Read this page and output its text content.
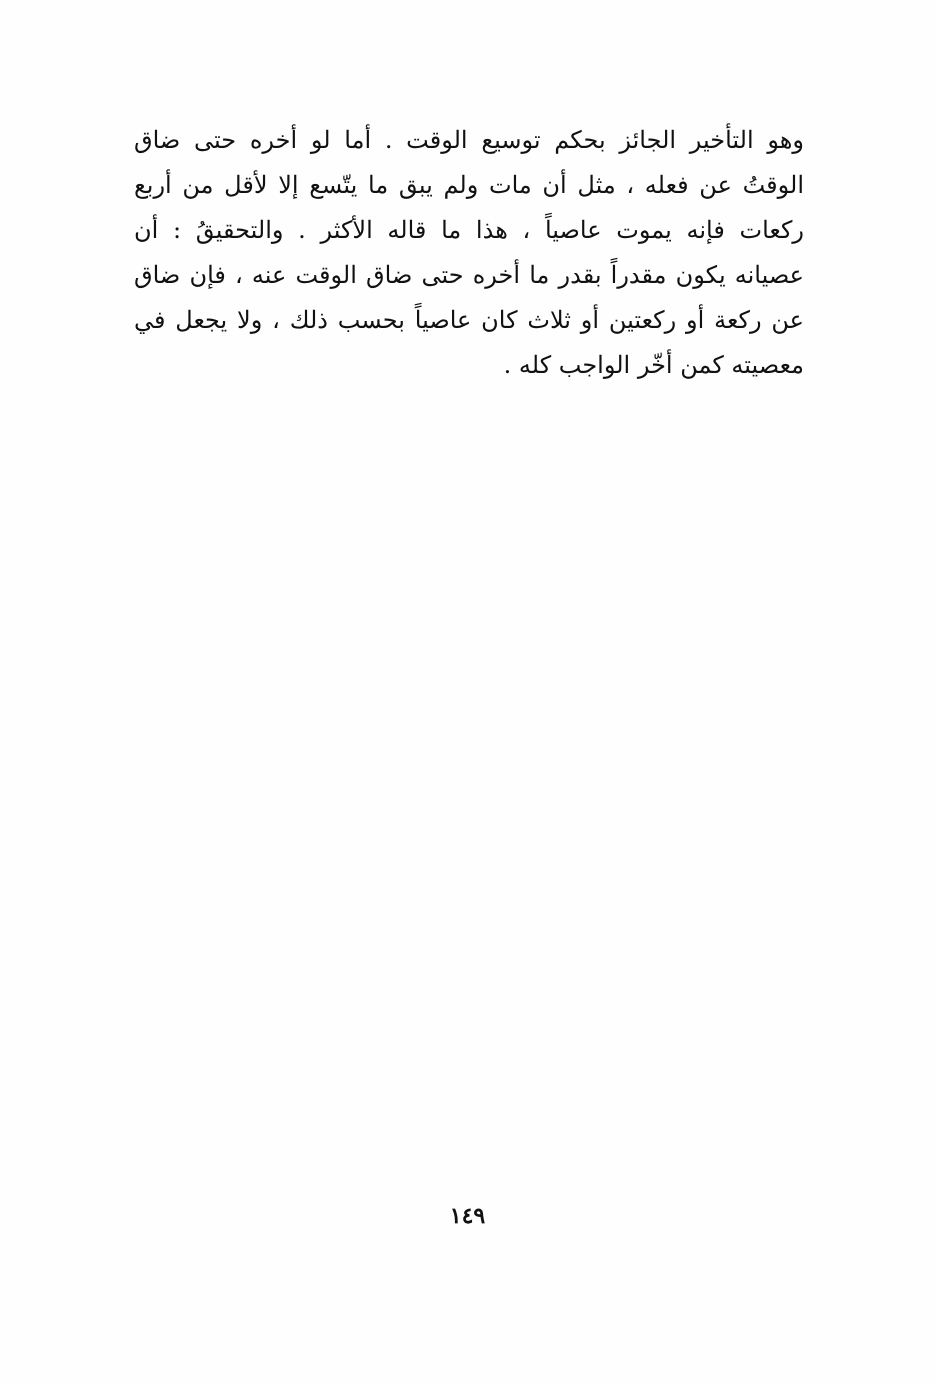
وهو التأخير الجائز بحكم توسيع الوقت . أما لو أخره حتى ضاق
الوقتُ عن فعله ، مثل أن مات ولم يبق ما يتّسع إلا لأقل من أربع
ركعات فإنه يموت عاصياً ، هذا ما قاله الأكثر . والتحقيقُ : أن
عصيانه يكون مقدراً بقدر ما أخره حتى ضاق الوقت عنه ، فإن ضاق
عن ركعة أو ركعتين أو ثلاث كان عاصياً بحسب ذلك ، ولا يجعل في
معصيته كمن أخّر الواجب كله .
١٤٩
